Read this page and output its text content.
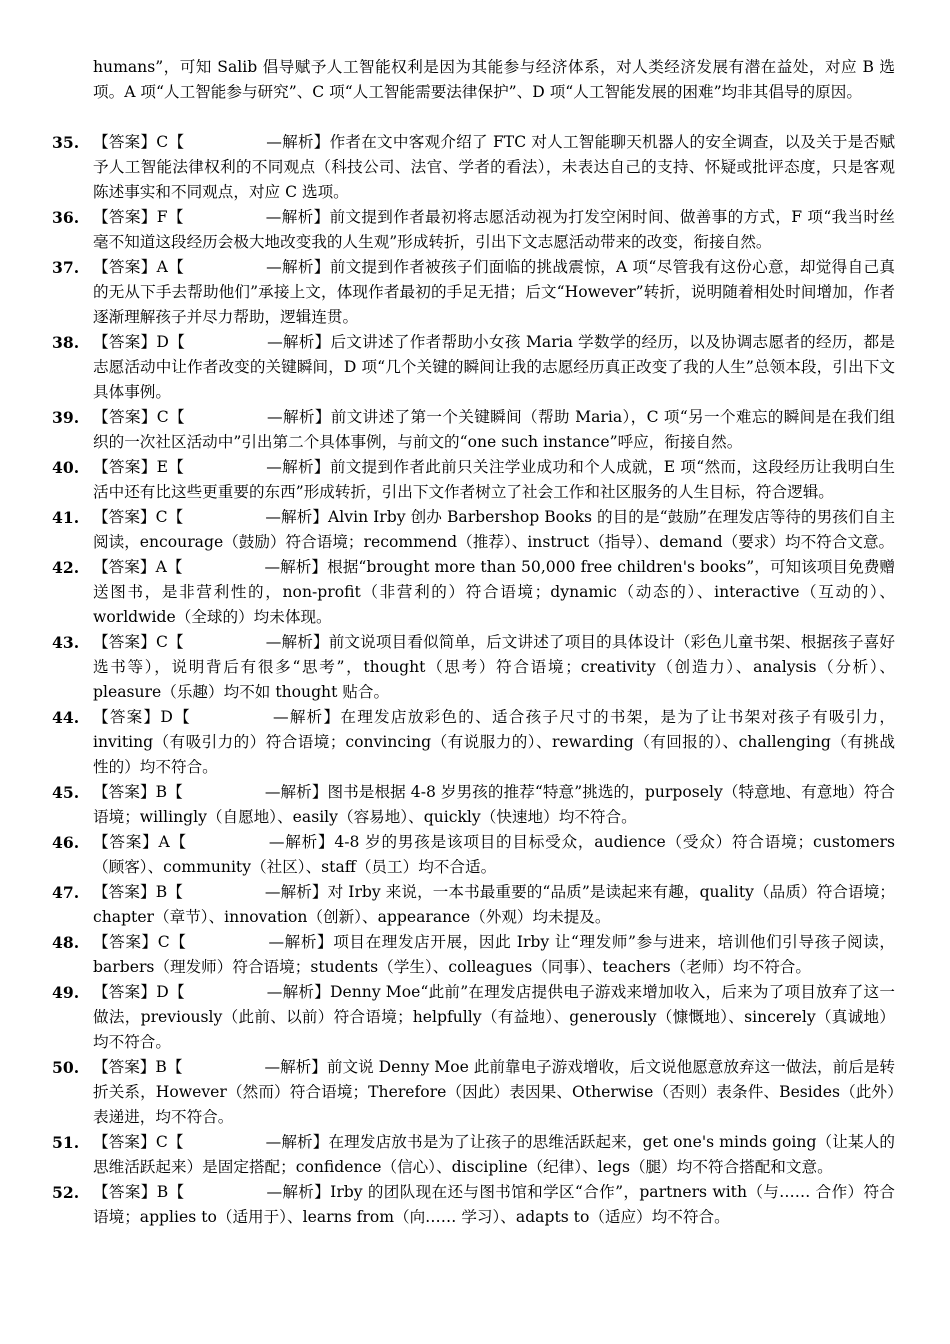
humans”，可知 Salib 倡导赋予人工智能权利是因为其能参与经济体系，对人类经济发展有潜在益处，对应 B 选项。A 项“人工智能参与研究”、C 项“人工智能需要法律保护”、D 项“人工智能发展的困难”均非其倡导的原因。

35. 【答案】C【	—解析】作者在文中客观介绍了 FTC 对人工智能聊天机器人的安全调查，以及关于是否赋予人工智能法律权利的不同观点（科技公司、法官、学者的看法），未表达自己的支持、怀疑或批评态度，只是客观陈述事实和不同观点，对应 C 选项。

36. 【答案】F【	—解析】前文提到作者最初将志愿活动视为打发空闲时间、做善事的方式，F 项“我当时丝毫不知道这段经历会极大地改变我的人生观”形成转折，引出下文志愿活动带来的改变，衔接自然。

37. 【答案】A【	—解析】前文提到作者被孩子们面临的挑战震惊，A 项“尽管我有这份心意，却觉得自己真的无从下手去帮助他们”承接上文，体现作者最初的手足无措；后文“However”转折，说明随着相处时间增加，作者逐渐理解孩子并尽力帮助，逻辑连贯。

38. 【答案】D【	—解析】后文讲述了作者帮助小女孩 Maria 学数学的经历，以及协调志愿者的经历，都是志愿活动中让作者改变的关键瞬间，D 项“几个关键的瞬间让我的志愿经历真正改变了我的人生”总领本段，引出下文具体事例。

39. 【答案】C【	—解析】前文讲述了第一个关键瞬间（帮助 Maria），C 项“另一个难忘的瞬间是在我们组织的一次社区活动中”引出第二个具体事例，与前文的“one such instance”呼应，衔接自然。

40. 【答案】E【	—解析】前文提到作者此前只关注学业成功和个人成就，E 项“然而，这段经历让我明白生活中还有比这些更重要的东西”形成转折，引出下文作者树立了社会工作和社区服务的人生目标，符合逻辑。

41. 【答案】C【	—解析】Alvin Irby 创办 Barbershop Books 的目的是“鼓励”在理发店等待的男孩们自主阅读，encourage（鼓励）符合语境；recommend（推荐）、instruct（指导）、demand（要求）均不符合文意。

42. 【答案】A【	—解析】根据“brought more than 50,000 free children's books”，可知该项目免费赠送图书，是非营利性的，non-profit（非营利的）符合语境；dynamic（动态的）、interactive（互动的）、worldwide（全球的）均未体现。

43. 【答案】C【	—解析】前文说项目看似简单，后文讲述了项目的具体设计（彩色儿童书架、根据孩子喜好选书等），说明背后有很多“思考”，thought（思考）符合语境；creativity（创造力）、analysis（分析）、pleasure（乐趣）均不如 thought 贴合。

44. 【答案】D【	—解析】在理发店放彩色的、适合孩子尺寸的书架，是为了让书架对孩子有吸引力，inviting（有吸引力的）符合语境；convincing（有说服力的）、rewarding（有回报的）、challenging（有挑战性的）均不符合。

45. 【答案】B【	—解析】图书是根据 4-8 岁男孩的推荐“特意”挑选的，purposely（特意地、有意地）符合语境；willingly（自愿地）、easily（容易地）、quickly（快速地）均不符合。

46. 【答案】A【	—解析】4-8 岁的男孩是该项目的目标受众，audience（受众）符合语境；customers（顾客）、community（社区）、staff（员工）均不合适。

47. 【答案】B【	—解析】对 Irby 来说，一本书最重要的“品质”是读起来有趣，quality（品质）符合语境；chapter（章节）、innovation（创新）、appearance（外观）均未提及。

48. 【答案】C【	—解析】项目在理发店开展，因此 Irby 让“理发师”参与进来，培训他们引导孩子阅读，barbers（理发师）符合语境；students（学生）、colleagues（同事）、teachers（老师）均不符合。

49. 【答案】D【	—解析】Denny Moe“此前”在理发店提供电子游戏来增加收入，后来为了项目放弃了这一做法，previously（此前、以前）符合语境；helpfully（有益地）、generously（慷慨地）、sincerely（真诚地）均不符合。

50. 【答案】B【	—解析】前文说 Denny Moe 此前靠电子游戏增收，后文说他愿意放弃这一做法，前后是转折关系，However（然而）符合语境；Therefore（因此）表因果、Otherwise（否则）表条件、Besides（此外）表递进，均不符合。

51. 【答案】C【	—解析】在理发店放书是为了让孩子的思维活跃起来，get one's minds going（让某人的思维活跃起来）是固定搭配；confidence（信心）、discipline（纪律）、legs（腿）均不符合搭配和文意。

52. 【答案】B【	—解析】Irby 的团队现在还与图书馆和学区“合作”，partners with（与…… 合作）符合语境；applies to（适用于）、learns from（向…… 学习）、adapts to（适应）均不符合。
